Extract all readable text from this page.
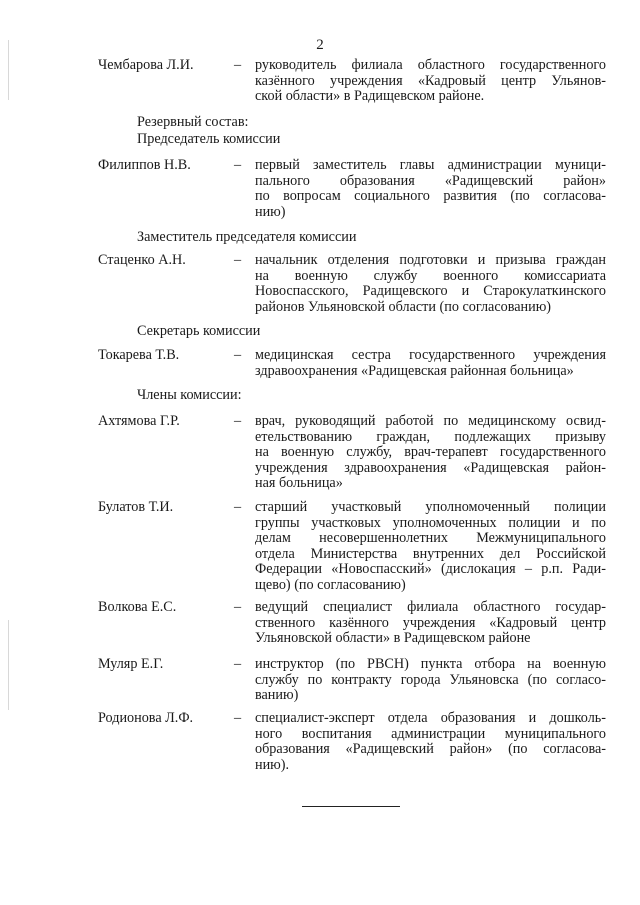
2
Чембарова Л.И.	– руководитель филиала областного государственного
казённого учреждения «Кадровый центр Ульянов-
ской области» в Радищевском районе.
Резервный состав:
Председатель комиссии
Филиппов Н.В.	– первый заместитель главы администрации муници-
пального образования «Радищевский район»
по вопросам социального развития (по согласова-
нию)
Заместитель председателя комиссии
Стаценко А.Н.	– начальник отделения подготовки и призыва граждан
на военную службу военного комиссариата
Новоспасского, Радищевского и Старокулаткинского
районов Ульяновской области (по согласованию)
Секретарь комиссии
Токарева Т.В.	– медицинская сестра государственного учреждения
здравоохранения «Радищевская районная больница»
Члены комиссии:
Ахтямова Г.Р.	– врач, руководящий работой по медицинскому освид-
етельствованию граждан, подлежащих призыву
на военную службу, врач-терапевт государственного
учреждения здравоохранения «Радищевская район-
ная больница»
Булатов Т.И.	– старший участковый уполномоченный полиции
группы участковых уполномоченных полиции и по
делам несовершеннолетних Межмуниципального
отдела Министерства внутренних дел Российской
Федерации «Новоспасский» (дислокация – р.п. Ради-
щево) (по согласованию)
Волкова Е.С.	– ведущий специалист филиала областного государ-
ственного казённого учреждения «Кадровый центр
Ульяновской области» в Радищевском районе
Муляр Е.Г.	– инструктор (по РВСН) пункта отбора на военную
службу по контракту города Ульяновска (по согласо-
ванию)
Родионова Л.Ф.	– специалист-эксперт отдела образования и дошколь-
ного воспитания администрации муниципального
образования «Радищевский район» (по согласова-
нию).
